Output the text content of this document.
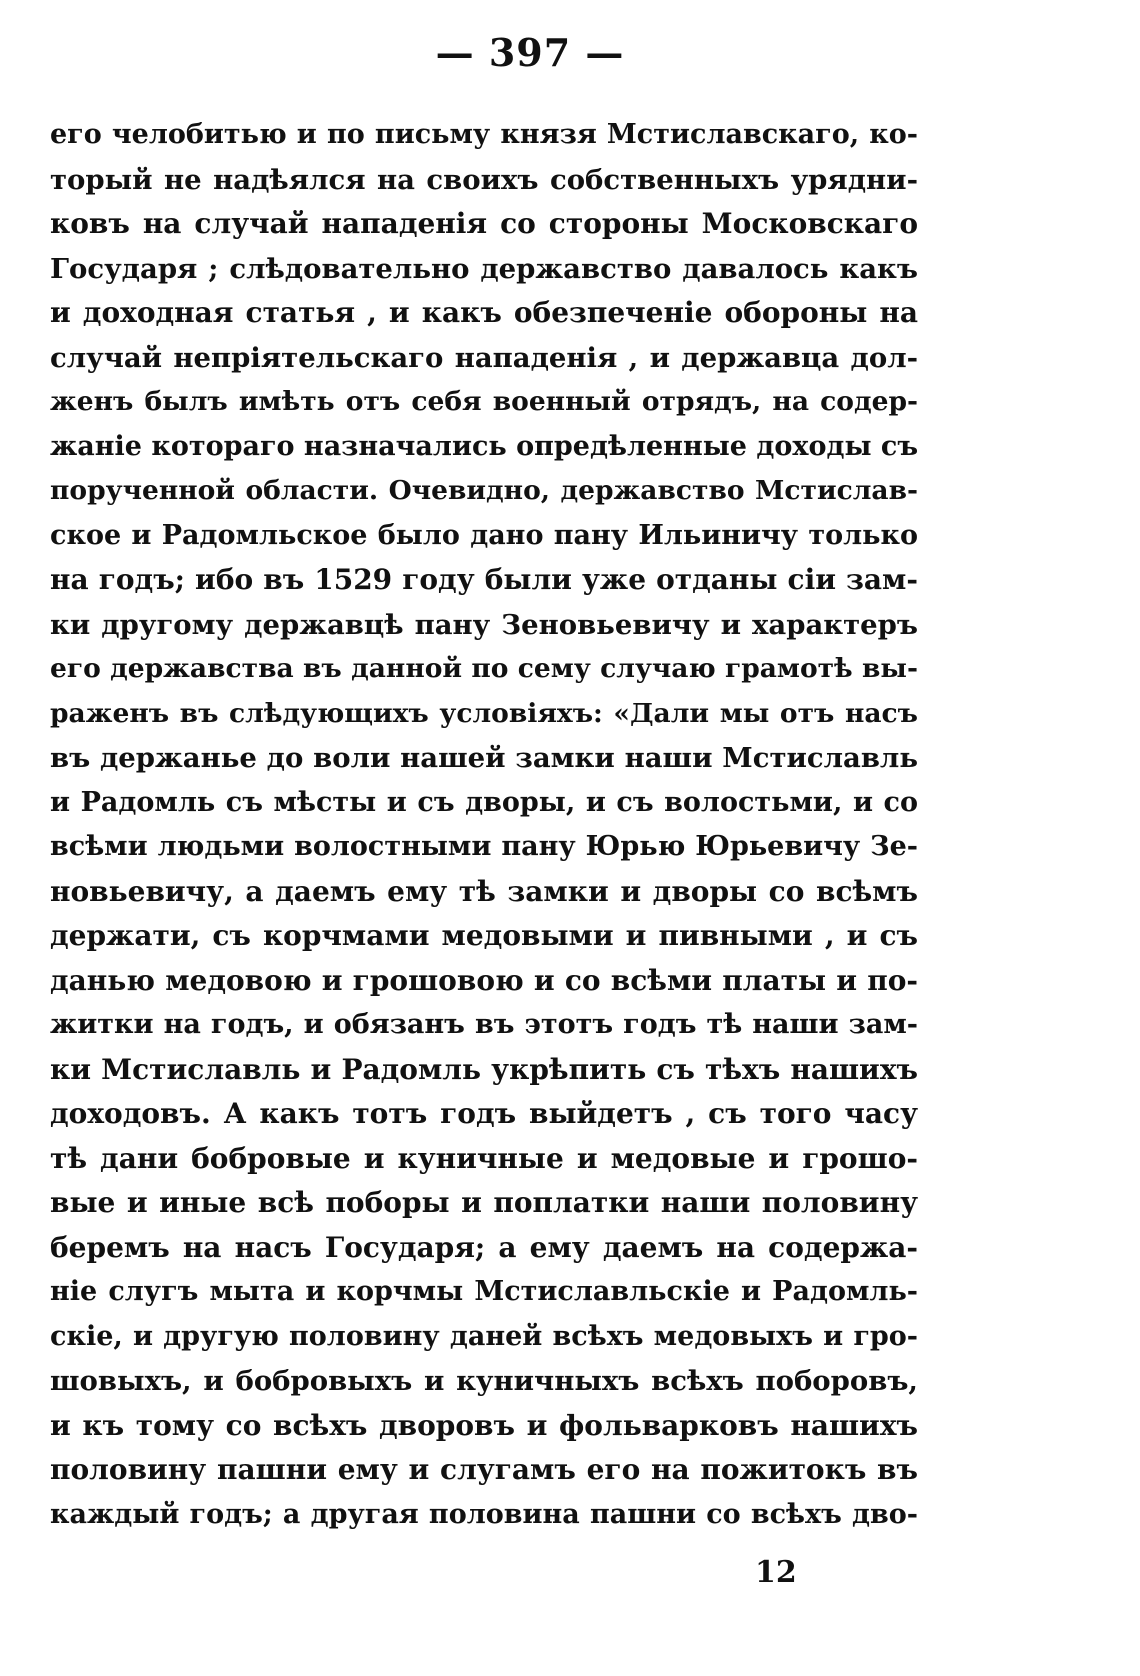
— 397 —
его челобитью и по письму князя Мстиславскаго, ко-
торый не надѣялся на своихъ собственныхъ урядни-
ковъ на случай нападенія со стороны Московскаго
Государя ; слѣдовательно державство давалось какъ
и доходная статья , и какъ обезпеченіе обороны на
случай непріятельскаго нападенія , и державца дол-
женъ былъ имѣть отъ себя военный отрядъ, на содер-
жаніе котораго назначались опредѣленные доходы съ
порученной области. Очевидно, державство Мстислав-
ское и Радомльское было дано пану Ильиничу только
на годъ; ибо въ 1529 году были уже отданы сіи зам-
ки другому державцѣ пану Зеновьевичу и характеръ
его державства въ данной по сему случаю грамотѣ вы-
раженъ въ слѣдующихъ условіяхъ: «Дали мы отъ насъ
въ держанье до воли нашей замки наши Мстиславль
и Радомль съ мѣсты и съ дворы, и съ волостьми, и со
всѣми людьми волостными пану Юрью Юрьевичу Зе-
новьевичу, а даемъ ему тѣ замки и дворы со всѣмъ
держати, съ корчмами медовыми и пивными , и съ
данью медовою и грошовою и со всѣми платы и по-
житки на годъ, и обязанъ въ этотъ годъ тѣ наши зам-
ки Мстиславль и Радомль укрѣпить съ тѣхъ нашихъ
доходовъ. А какъ тотъ годъ выйдетъ , съ того часу
тѣ дани бобровые и куничные и медовые и грошо-
вые и иные всѣ поборы и поплатки наши половину
беремъ на насъ Государя; а ему даемъ на содержа-
ніе слугъ мыта и корчмы Мстиславльскіе и Радомль-
скіе, и другую половину даней всѣхъ медовыхъ и гро-
шовыхъ, и бобровыхъ и куничныхъ всѣхъ поборовъ,
и къ тому со всѣхъ дворовъ и фольварковъ нашихъ
половину пашни ему и слугамъ его на пожитокъ въ
каждый годъ; а другая половина пашни со всѣхъ дво-
12
